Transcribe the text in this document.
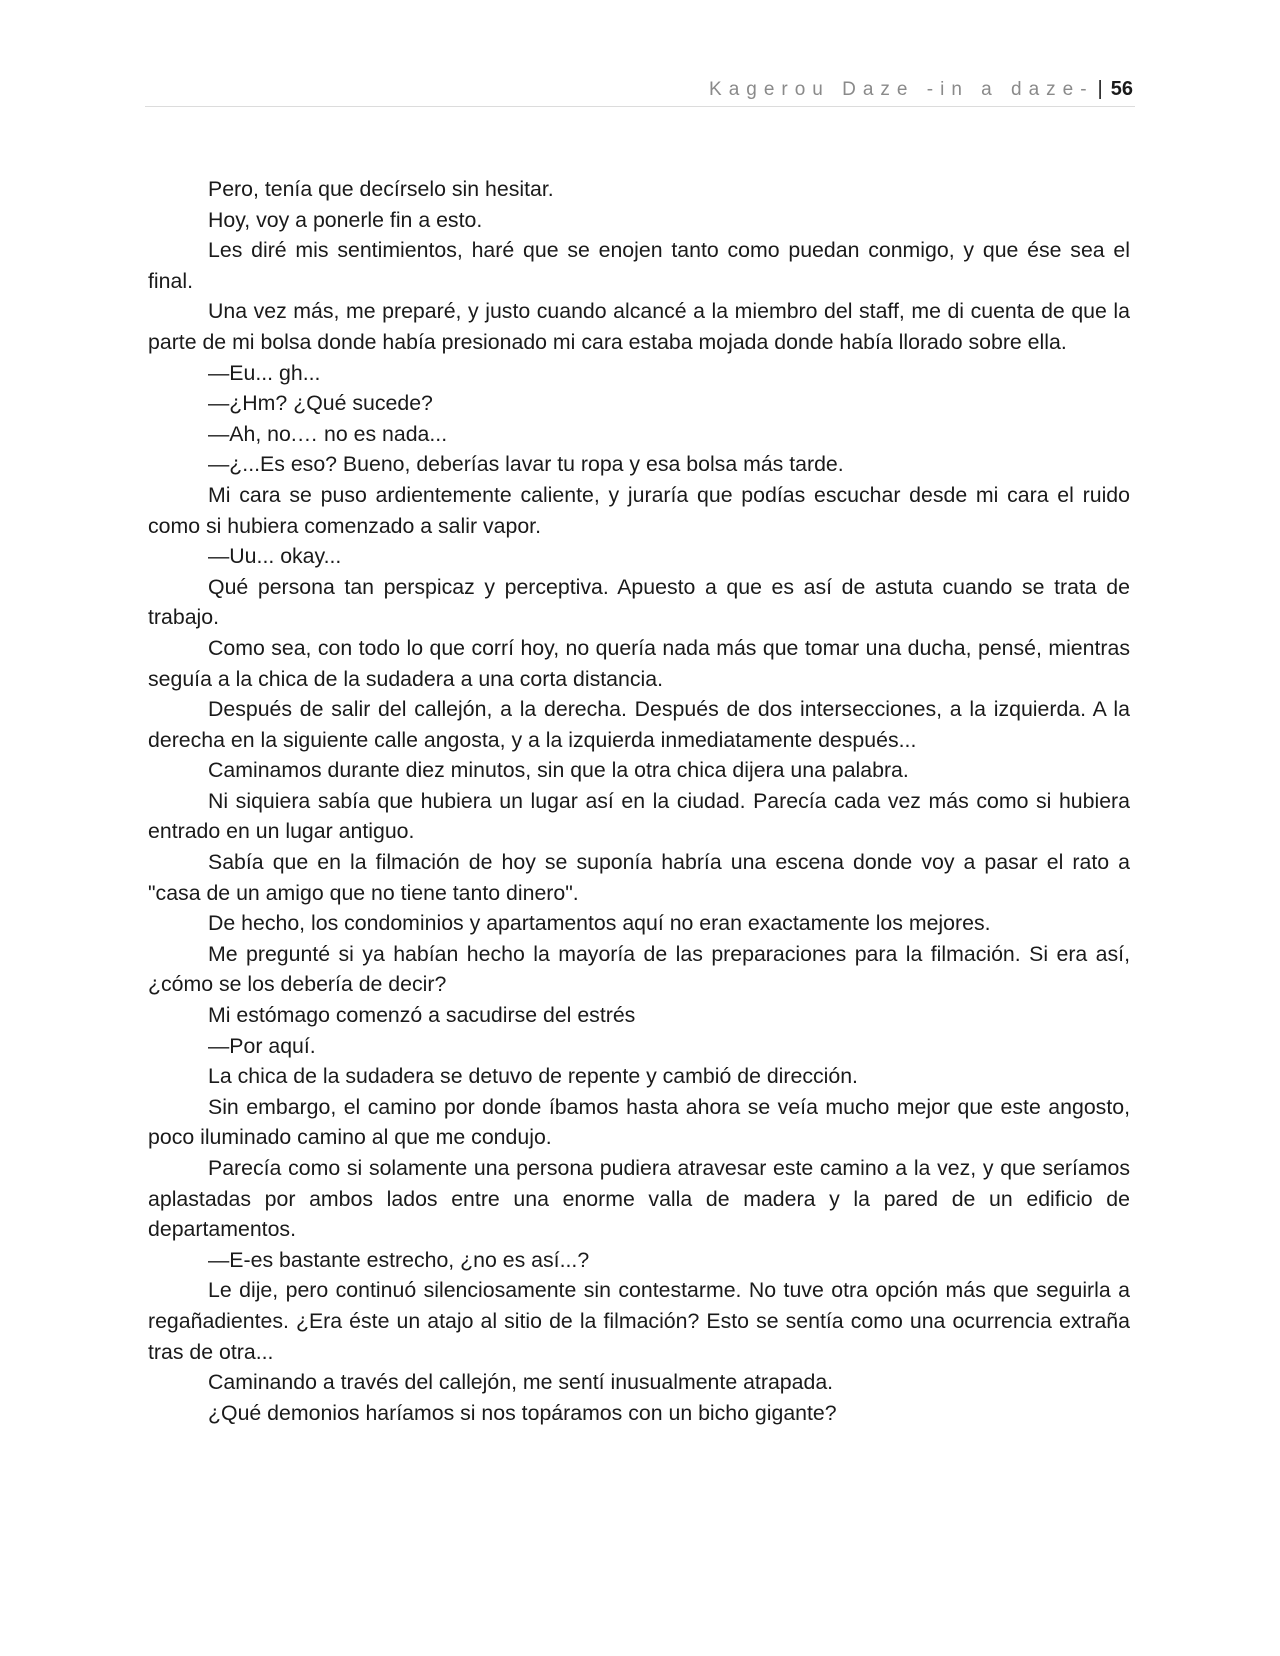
Kagerou Daze -in a daze- | 56

Pero, tenía que decírselo sin hesitar.

Hoy, voy a ponerle fin a esto.

Les diré mis sentimientos, haré que se enojen tanto como puedan conmigo, y que ése sea el final.

Una vez más, me preparé, y justo cuando alcancé a la miembro del staff, me di cuenta de que la parte de mi bolsa donde había presionado mi cara estaba mojada donde había llorado sobre ella.

—Eu... gh...

—¿Hm? ¿Qué sucede?

—Ah, no.… no es nada...

—¿...Es eso? Bueno, deberías lavar tu ropa y esa bolsa más tarde.

Mi cara se puso ardientemente caliente, y juraría que podías escuchar desde mi cara el ruido como si hubiera comenzado a salir vapor.

—Uu... okay...

Qué persona tan perspicaz y perceptiva. Apuesto a que es así de astuta cuando se trata de trabajo.

Como sea, con todo lo que corrí hoy, no quería nada más que tomar una ducha, pensé, mientras seguía a la chica de la sudadera a una corta distancia.

Después de salir del callejón, a la derecha. Después de dos intersecciones, a la izquierda. A la derecha en la siguiente calle angosta, y a la izquierda inmediatamente después...

Caminamos durante diez minutos, sin que la otra chica dijera una palabra.

Ni siquiera sabía que hubiera un lugar así en la ciudad. Parecía cada vez más como si hubiera entrado en un lugar antiguo.

Sabía que en la filmación de hoy se suponía habría una escena donde voy a pasar el rato a "casa de un amigo que no tiene tanto dinero".

De hecho, los condominios y apartamentos aquí no eran exactamente los mejores.

Me pregunté si ya habían hecho la mayoría de las preparaciones para la filmación. Si era así, ¿cómo se los debería de decir?

Mi estómago comenzó a sacudirse del estrés

—Por aquí.

La chica de la sudadera se detuvo de repente y cambió de dirección.

Sin embargo, el camino por donde íbamos hasta ahora se veía mucho mejor que este angosto, poco iluminado camino al que me condujo.

Parecía como si solamente una persona pudiera atravesar este camino a la vez, y que seríamos aplastadas por ambos lados entre una enorme valla de madera y la pared de un edificio de departamentos.

—E-es bastante estrecho, ¿no es así...?

Le dije, pero continuó silenciosamente sin contestarme. No tuve otra opción más que seguirla a regañadientes. ¿Era éste un atajo al sitio de la filmación? Esto se sentía como una ocurrencia extraña tras de otra...

Caminando a través del callejón, me sentí inusualmente atrapada.

¿Qué demonios haríamos si nos topáramos con un bicho gigante?
